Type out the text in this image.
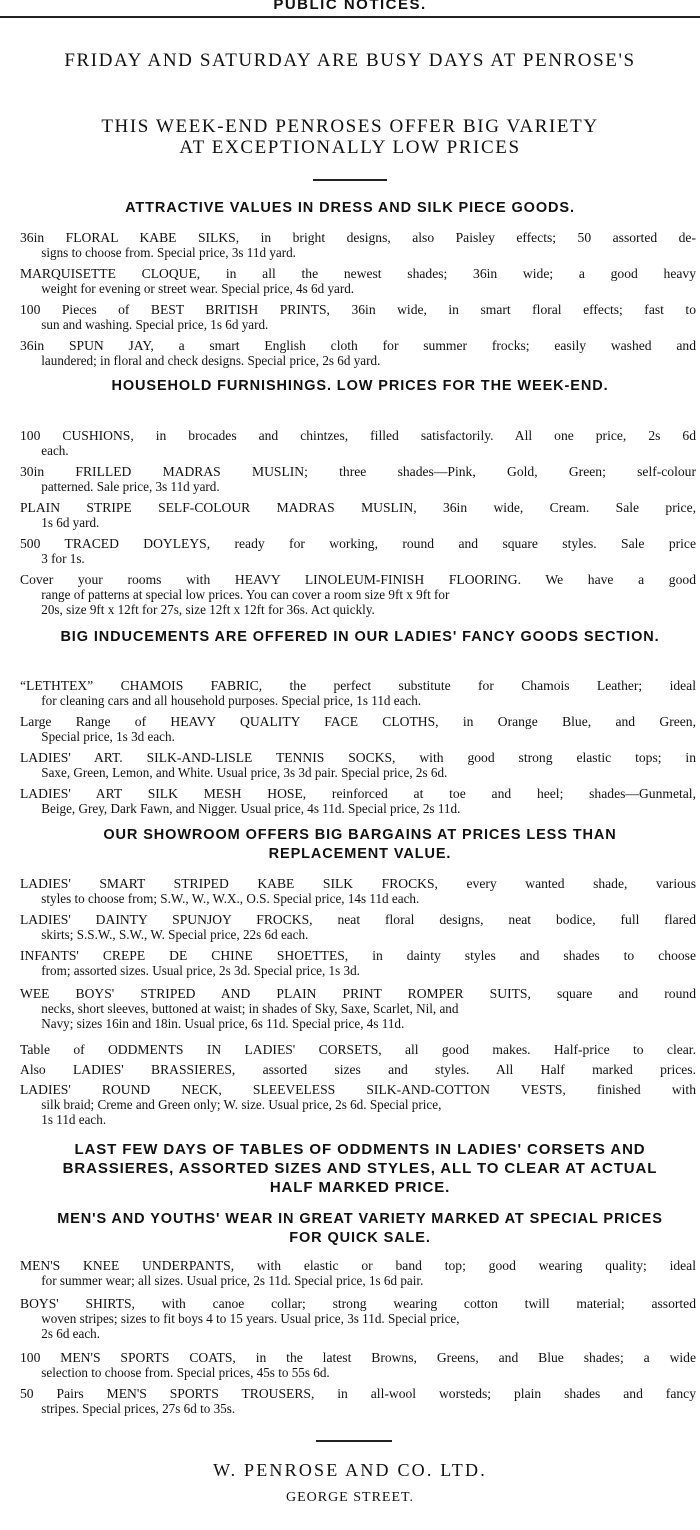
PUBLIC NOTICES.
FRIDAY AND SATURDAY ARE BUSY DAYS AT PENROSE'S
THIS WEEK-END PENROSES OFFER BIG VARIETY
AT EXCEPTIONALLY LOW PRICES
ATTRACTIVE VALUES IN DRESS AND SILK PIECE GOODS.
36in FLORAL KABE SILKS, in bright designs, also Paisley effects; 50 assorted de-
signs to choose from. Special price, 3s 11d yard.
MARQUISETTE CLOQUE, in all the newest shades; 36in wide; a good heavy
weight for evening or street wear. Special price, 4s 6d yard.
100 Pieces of BEST BRITISH PRINTS, 36in wide, in smart floral effects; fast to
sun and washing. Special price, 1s 6d yard.
36in SPUN JAY, a smart English cloth for summer frocks; easily washed and
laundered; in floral and check designs. Special price, 2s 6d yard.
HOUSEHOLD FURNISHINGS. LOW PRICES FOR THE WEEK-END.
100 CUSHIONS, in brocades and chintzes, filled satisfactorily. All one price, 2s 6d
each.
30in FRILLED MADRAS MUSLIN; three shades—Pink, Gold, Green; self-colour
patterned. Sale price, 3s 11d yard.
PLAIN STRIPE SELF-COLOUR MADRAS MUSLIN, 36in wide, Cream. Sale price,
1s 6d yard.
500 TRACED DOYLEYS, ready for working, round and square styles. Sale price
3 for 1s.
Cover your rooms with HEAVY LINOLEUM-FINISH FLOORING. We have a good
range of patterns at special low prices. You can cover a room size 9ft x 9ft for
20s, size 9ft x 12ft for 27s, size 12ft x 12ft for 36s. Act quickly.
BIG INDUCEMENTS ARE OFFERED IN OUR LADIES' FANCY GOODS SECTION.
“LETHTEX” CHAMOIS FABRIC, the perfect substitute for Chamois Leather; ideal
for cleaning cars and all household purposes. Special price, 1s 11d each.
Large Range of HEAVY QUALITY FACE CLOTHS, in Orange Blue, and Green,
Special price, 1s 3d each.
LADIES' ART. SILK-AND-LISLE TENNIS SOCKS, with good strong elastic tops; in
Saxe, Green, Lemon, and White. Usual price, 3s 3d pair. Special price, 2s 6d.
LADIES' ART SILK MESH HOSE, reinforced at toe and heel; shades—Gunmetal,
Beige, Grey, Dark Fawn, and Nigger. Usual price, 4s 11d. Special price, 2s 11d.
OUR SHOWROOM OFFERS BIG BARGAINS AT PRICES LESS THAN REPLACEMENT VALUE.
LADIES' SMART STRIPED KABE SILK FROCKS, every wanted shade, various
styles to choose from; S.W., W., W.X., O.S. Special price, 14s 11d each.
LADIES' DAINTY SPUNJOY FROCKS, neat floral designs, neat bodice, full flared
skirts; S.S.W., S.W., W. Special price, 22s 6d each.
INFANTS' CREPE DE CHINE SHOETTES, in dainty styles and shades to choose
from; assorted sizes. Usual price, 2s 3d. Special price, 1s 3d.
WEE BOYS' STRIPED AND PLAIN PRINT ROMPER SUITS, square and round
necks, short sleeves, buttoned at waist; in shades of Sky, Saxe, Scarlet, Nil, and
Navy; sizes 16in and 18in. Usual price, 6s 11d. Special price, 4s 11d.
Table of ODDMENTS IN LADIES' CORSETS, all good makes. Half-price to clear.
Also LADIES' BRASSIERES, assorted sizes and styles. All Half marked prices.
LADIES' ROUND NECK, SLEEVELESS SILK-AND-COTTON VESTS, finished with
silk braid; Creme and Green only; W. size. Usual price, 2s 6d. Special price,
1s 11d each.
LAST FEW DAYS OF TABLES OF ODDMENTS IN LADIES' CORSETS AND BRASSIERES, ASSORTED SIZES AND STYLES, ALL TO CLEAR AT ACTUAL HALF MARKED PRICE.
MEN'S AND YOUTHS' WEAR IN GREAT VARIETY MARKED AT SPECIAL PRICES FOR QUICK SALE.
MEN'S KNEE UNDERPANTS, with elastic or band top; good wearing quality; ideal
for summer wear; all sizes. Usual price, 2s 11d. Special price, 1s 6d pair.
BOYS' SHIRTS, with canoe collar; strong wearing cotton twill material; assorted
woven stripes; sizes to fit boys 4 to 15 years. Usual price, 3s 11d. Special price,
2s 6d each.
100 MEN'S SPORTS COATS, in the latest Browns, Greens, and Blue shades; a wide
selection to choose from. Special prices, 45s to 55s 6d.
50 Pairs MEN'S SPORTS TROUSERS, in all-wool worsteds; plain shades and fancy
stripes. Special prices, 27s 6d to 35s.
W. PENROSE AND CO. LTD.
GEORGE STREET.
